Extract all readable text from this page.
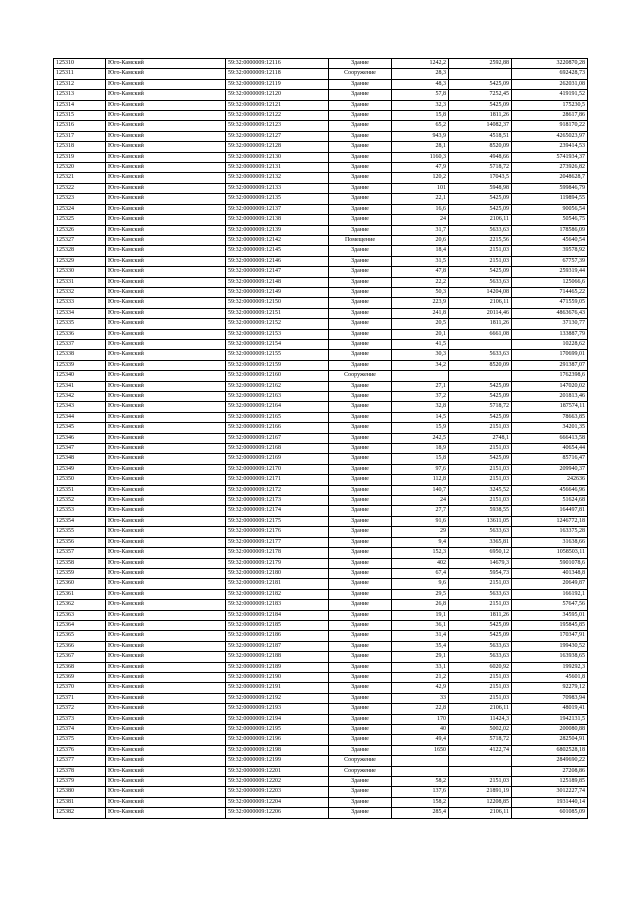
125310	Юго-Камский	59:32:0000009:12116	Здание	1242,2	2592,88	3220870,28
125311	Юго-Камский	59:32:0000009:12118	Сооружение	28,3		692428,73
125312	Юго-Камский	59:32:0000009:12119	Здание	48,3	5425,09	262031,08
125313	Юго-Камский	59:32:0000009:12120	Здание	57,8	7252,45	419191,52
125314	Юго-Камский	59:32:0000009:12121	Здание	32,3	5425,09	175230,5
125315	Юго-Камский	59:32:0000009:12122	Здание	15,8	1811,26	28617,86
125316	Юго-Камский	59:32:0000009:12123	Здание	65,2	14082,37	918170,22
125317	Юго-Камский	59:32:0000009:12127	Здание	943,9	4518,51	4265023,97
125318	Юго-Камский	59:32:0000009:12128	Здание	28,1	8520,09	239414,53
125319	Юго-Камский	59:32:0000009:12130	Здание	1160,3	4948,66	5741934,37
125320	Юго-Камский	59:32:0000009:12131	Здание	47,9	5718,72	273926,82
125321	Юго-Камский	59:32:0000009:12132	Здание	120,2	17043,5	2048628,7
125322	Юго-Камский	59:32:0000009:12133	Здание	101	5948,98	599846,79
125323	Юго-Камский	59:32:0000009:12135	Здание	22,1	5425,09	119894,55
125324	Юго-Камский	59:32:0000009:12137	Здание	16,6	5425,09	90056,54
125325	Юго-Камский	59:32:0000009:12138	Здание	24	2106,11	50546,75
125326	Юго-Камский	59:32:0000009:12139	Здание	31,7	5633,63	178586,09
125327	Юго-Камский	59:32:0000009:12142	Помещение	20,6	2215,56	45640,54
125328	Юго-Камский	59:32:0000009:12145	Здание	18,4	2151,03	39578,92
125329	Юго-Камский	59:32:0000009:12146	Здание	31,5	2151,03	67757,39
125330	Юго-Камский	59:32:0000009:12147	Здание	47,8	5425,09	259319,44
125331	Юго-Камский	59:32:0000009:12148	Здание	22,2	5633,63	125066,6
125332	Юго-Камский	59:32:0000009:12149	Здание	50,3	14204,08	714465,22
125333	Юго-Камский	59:32:0000009:12150	Здание	223,9	2106,11	471559,05
125334	Юго-Камский	59:32:0000009:12151	Здание	241,8	20114,46	4863676,43
125335	Юго-Камский	59:32:0000009:12152	Здание	20,5	1811,26	37130,77
125336	Юго-Камский	59:32:0000009:12153	Здание	20,1	6661,08	133887,79
125337	Юго-Камский	59:32:0000009:12154	Здание	41,5		10228,62
125338	Юго-Камский	59:32:0000009:12155	Здание	30,3	5633,63	170699,01
125339	Юго-Камский	59:32:0000009:12159	Здание	34,2	8520,09	291387,07
125340	Юго-Камский	59:32:0000009:12160	Сооружение			1762398,6
125341	Юго-Камский	59:32:0000009:12162	Здание	27,1	5425,09	147020,02
125342	Юго-Камский	59:32:0000009:12163	Здание	37,2	5425,09	201813,46
125343	Юго-Камский	59:32:0000009:12164	Здание	32,8	5718,72	187574,11
125344	Юго-Камский	59:32:0000009:12165	Здание	14,5	5425,09	78663,85
125345	Юго-Камский	59:32:0000009:12166	Здание	15,9	2151,03	34201,35
125346	Юго-Камский	59:32:0000009:12167	Здание	242,5	2748,1	666413,58
125347	Юго-Камский	59:32:0000009:12168	Здание	18,9	2151,03	40654,44
125348	Юго-Камский	59:32:0000009:12169	Здание	15,8	5425,09	85716,47
125349	Юго-Камский	59:32:0000009:12170	Здание	97,6	2151,03	209940,37
125350	Юго-Камский	59:32:0000009:12171	Здание	112,8	2151,03	242636
125351	Юго-Камский	59:32:0000009:12172	Здание	140,7	3245,52	456646,96
125352	Юго-Камский	59:32:0000009:12173	Здание	24	2151,03	51624,68
125353	Юго-Камский	59:32:0000009:12174	Здание	27,7	5938,55	164497,81
125354	Юго-Камский	59:32:0000009:12175	Здание	91,6	13611,05	1246772,18
125355	Юго-Камский	59:32:0000009:12176	Здание	29	5633,63	163375,28
125356	Юго-Камский	59:32:0000009:12177	Здание	9,4	3365,81	31638,66
125357	Юго-Камский	59:32:0000009:12178	Здание	152,3	6950,12	1058503,11
125358	Юго-Камский	59:32:0000009:12179	Здание	402	14679,3	5901078,6
125359	Юго-Камский	59:32:0000009:12180	Здание	67,4	5954,73	401348,8
125360	Юго-Камский	59:32:0000009:12181	Здание	9,6	2151,03	20649,87
125361	Юго-Камский	59:32:0000009:12182	Здание	29,5	5633,63	166192,1
125362	Юго-Камский	59:32:0000009:12183	Здание	26,8	2151,03	57647,56
125363	Юго-Камский	59:32:0000009:12184	Здание	19,1	1811,26	34595,01
125364	Юго-Камский	59:32:0000009:12185	Здание	36,1	5425,09	195845,85
125365	Юго-Камский	59:32:0000009:12186	Здание	31,4	5425,09	170347,91
125366	Юго-Камский	59:32:0000009:12187	Здание	35,4	5633,63	199430,52
125367	Юго-Камский	59:32:0000009:12188	Здание	29,1	5633,63	163938,65
125368	Юго-Камский	59:32:0000009:12189	Здание	33,1	6020,92	199292,3
125369	Юго-Камский	59:32:0000009:12190	Здание	21,2	2151,03	45601,8
125370	Юго-Камский	59:32:0000009:12191	Здание	42,9	2151,03	92279,12
125371	Юго-Камский	59:32:0000009:12192	Здание	33	2151,03	70983,94
125372	Юго-Камский	59:32:0000009:12193	Здание	22,8	2106,11	48019,41
125373	Юго-Камский	59:32:0000009:12194	Здание	170	11424,3	1942131,5
125374	Юго-Камский	59:32:0000009:12195	Здание	40	5002,02	200080,88
125375	Юго-Камский	59:32:0000009:12196	Здание	49,4	5718,72	282504,91
125376	Юго-Камский	59:32:0000009:12198	Здание	1650	4122,74	6802528,18
125377	Юго-Камский	59:32:0000009:12199	Сооружение			2849690,22
125378	Юго-Камский	59:32:0000009:12201	Сооружение			27208,86
125379	Юго-Камский	59:32:0000009:12202	Здание	58,2	2151,03	125189,85
125380	Юго-Камский	59:32:0000009:12203	Здание	137,6	21891,19	3012227,74
125381	Юго-Камский	59:32:0000009:12204	Здание	158,2	12208,85	1931440,14
125382	Юго-Камский	59:32:0000009:12206	Здание	285,4	2106,11	601085,09
